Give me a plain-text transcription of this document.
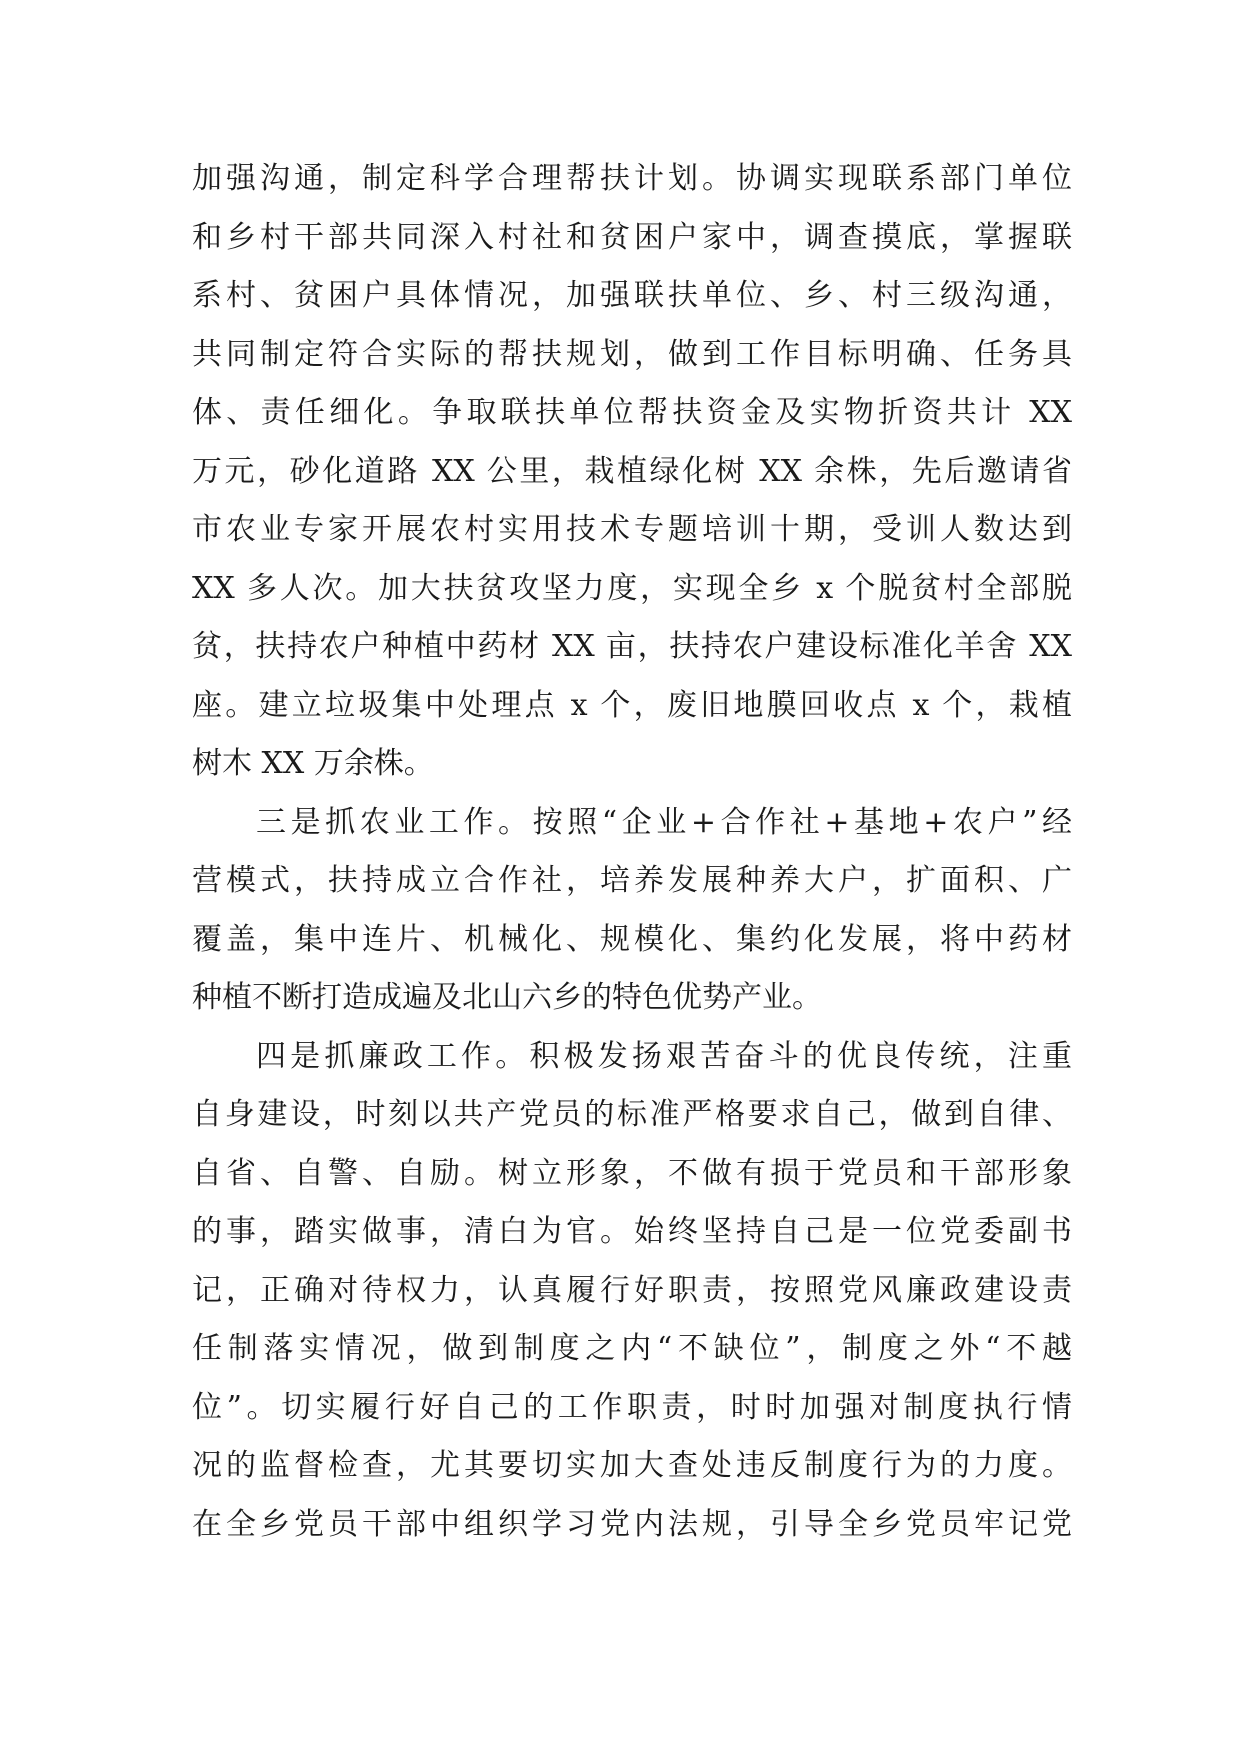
加强沟通，制定科学合理帮扶计划。协调实现联系部门单位
和乡村干部共同深入村社和贫困户家中，调查摸底，掌握联
系村、贫困户具体情况，加强联扶单位、乡、村三级沟通，
共同制定符合实际的帮扶规划，做到工作目标明确、任务具
体、责任细化。争取联扶单位帮扶资金及实物折资共计 XX
万元，砂化道路 XX 公里，栽植绿化树 XX 余株，先后邀请省
市农业专家开展农村实用技术专题培训十期，受训人数达到
XX 多人次。加大扶贫攻坚力度，实现全乡 x 个脱贫村全部脱
贫，扶持农户种植中药材 XX 亩，扶持农户建设标准化羊舍 XX
座。建立垃圾集中处理点 x 个，废旧地膜回收点 x 个，栽植
树木 XX 万余株。
三是抓农业工作。按照“企业+合作社+基地+农户”经
营模式，扶持成立合作社，培养发展种养大户，扩面积、广
覆盖，集中连片、机械化、规模化、集约化发展，将中药材
种植不断打造成遍及北山六乡的特色优势产业。
四是抓廉政工作。积极发扬艰苦奋斗的优良传统，注重
自身建设，时刻以共产党员的标准严格要求自己，做到自律、
自省、自警、自励。树立形象，不做有损于党员和干部形象
的事，踏实做事，清白为官。始终坚持自己是一位党委副书
记，正确对待权力，认真履行好职责，按照党风廉政建设责
任制落实情况，做到制度之内“不缺位”，制度之外“不越
位”。切实履行好自己的工作职责，时时加强对制度执行情
况的监督检查，尤其要切实加大查处违反制度行为的力度。
在全乡党员干部中组织学习党内法规，引导全乡党员牢记党
